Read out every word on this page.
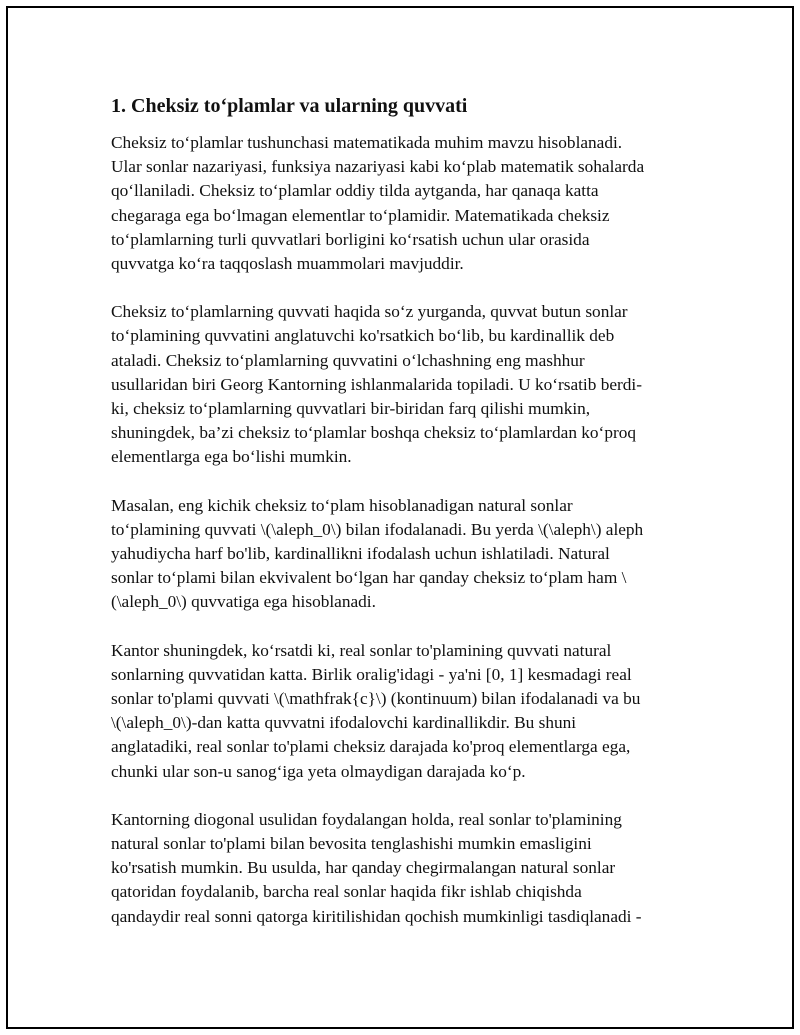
1. Cheksiz to‘plamlar va ularning quvvati

Cheksiz to‘plamlar tushunchasi matematikada muhim mavzu hisoblanadi.
Ular sonlar nazariyasi, funksiya nazariyasi kabi ko‘plab matematik sohalarda
qo‘llaniladi. Cheksiz to‘plamlar oddiy tilda aytganda, har qanaqa katta
chegaraga ega bo‘lmagan elementlar to‘plamidir. Matematikada cheksiz
to‘plamlarning turli quvvatlari borligini ko‘rsatish uchun ular orasida
quvvatga ko‘ra taqqoslash muammolari mavjuddir.

Cheksiz to‘plamlarning quvvati haqida so‘z yurganda, quvvat butun sonlar
to‘plamining quvvatini anglatuvchi ko'rsatkich bo‘lib, bu kardinallik deb
ataladi. Cheksiz to‘plamlarning quvvatini o‘lchashning eng mashhur
usullaridan biri Georg Kantorning ishlanmalarida topiladi. U ko‘rsatib berdi-
ki, cheksiz to‘plamlarning quvvatlari bir-biridan farq qilishi mumkin,
shuningdek, ba’zi cheksiz to‘plamlar boshqa cheksiz to‘plamlardan ko‘proq
elementlarga ega bo‘lishi mumkin.

Masalan, eng kichik cheksiz to‘plam hisoblanadigan natural sonlar
to‘plamining quvvati \(\aleph_0\) bilan ifodalanadi. Bu yerda \(\aleph\) aleph
yahudiycha harf bo'lib, kardinallikni ifodalash uchun ishlatiladi. Natural
sonlar to‘plami bilan ekvivalent bo‘lgan har qanday cheksiz to‘plam ham \
(\aleph_0\) quvvatiga ega hisoblanadi.

Kantor shuningdek, ko‘rsatdi ki, real sonlar to'plamining quvvati natural
sonlarning quvvatidan katta. Birlik oralig'idagi - ya'ni [0, 1] kesmadagi real
sonlar to'plami quvvati \(\mathfrak{c}\) (kontinuum) bilan ifodalanadi va bu
\(\aleph_0\)-dan katta quvvatni ifodalovchi kardinallikdir. Bu shuni
anglatadiki, real sonlar to'plami cheksiz darajada ko'proq elementlarga ega,
chunki ular son-u sanog‘iga yeta olmaydigan darajada ko‘p.

Kantorning diogonal usulidan foydalangan holda, real sonlar to'plamining
natural sonlar to'plami bilan bevosita tenglashishi mumkin emasligini
ko'rsatish mumkin. Bu usulda, har qanday chegirmalangan natural sonlar
qatoridan foydalanib, barcha real sonlar haqida fikr ishlab chiqishda
qandaydir real sonni qatorga kiritilishidan qochish mumkinligi tasdiqlanadi -
